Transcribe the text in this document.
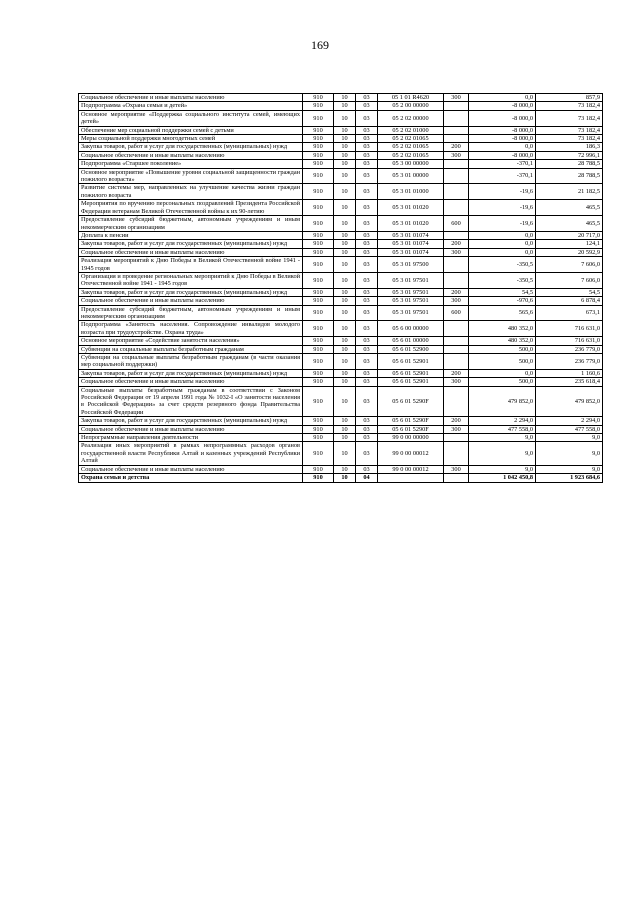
169
Социальное обеспечение и иные выплаты населению	910	10	03	05 1 01 R4620	300	0,0	857,9
Подпрограмма «Охрана семьи и детей»	910	10	03	05 2 00 00000		-8 000,0	73 182,4
Основное мероприятие «Поддержка социального института семей, имеющих детей»	910	10	03	05 2 02 00000		-8 000,0	73 182,4
Обеспечение мер социальной поддержки семей с детьми	910	10	03	05 2 02 01000		-8 000,0	73 182,4
Меры социальной поддержки многодетных семей	910	10	03	05 2 02 01065		-8 000,0	73 182,4
Закупка товаров, работ и услуг для государственных (муниципальных) нужд	910	10	03	05 2 02 01065	200	0,0	186,3
Социальное обеспечение и иные выплаты населению	910	10	03	05 2 02 01065	300	-8 000,0	72 996,1
Подпрограмма «Старшее поколение»	910	10	03	05 3 00 00000		-370,1	28 788,5
Основное мероприятие «Повышение уровня социальной защищенности граждан пожилого возраста»	910	10	03	05 3 01 00000		-370,1	28 788,5
Развитие системы мер, направленных на улучшение качества жизни граждан пожилого возраста	910	10	03	05 3 01 01000		-19,6	21 182,5
Мероприятия по вручению персональных поздравлений Президента Российской Федерации ветеранам Великой Отечественной войны к их 90-летию	910	10	03	05 3 01 01020		-19,6	465,5
Предоставление субсидий бюджетным, автономным учреждениям и иным некоммерческим организациям	910	10	03	05 3 01 01020	600	-19,6	465,5
Доплата к пенсии	910	10	03	05 3 01 01074		0,0	20 717,0
Закупка товаров, работ и услуг для государственных (муниципальных) нужд	910	10	03	05 3 01 01074	200	0,0	124,1
Социальное обеспечение и иные выплаты населению	910	10	03	05 3 01 01074	300	0,0	20 592,9
Реализация мероприятий к Дню Победы в Великой Отечественной войне 1941 - 1945 годов	910	10	03	05 3 01 97500		-350,5	7 606,0
Организация и проведение региональных мероприятий к Дню Победы в Великой Отечественной войне 1941 - 1945 годов	910	10	03	05 3 01 97501		-350,5	7 606,0
Закупка товаров, работ и услуг для государственных (муниципальных) нужд	910	10	03	05 3 01 97501	200	54,5	54,5
Социальное обеспечение и иные выплаты населению	910	10	03	05 3 01 97501	300	-970,6	6 878,4
Предоставление субсидий бюджетным, автономным учреждениям и иным некоммерческим организациям	910	10	03	05 3 01 97501	600	565,6	673,1
Подпрограмма «Занятость населения. Сопровождение инвалидов молодого возраста при трудоустройстве. Охрана труда»	910	10	03	05 6 00 00000		480 352,0	716 631,0
Основное мероприятие «Содействие занятости населения»	910	10	03	05 6 01 00000		480 352,0	716 631,0
Субвенции на социальные выплаты безработным гражданам	910	10	03	05 6 01 52900		500,0	236 779,0
Субвенции на социальные выплаты безработным гражданам (в части оказания мер социальной поддержки)	910	10	03	05 6 01 52901		500,0	236 779,0
Закупка товаров, работ и услуг для государственных (муниципальных) нужд	910	10	03	05 6 01 52901	200	0,0	1 160,6
Социальное обеспечение и иные выплаты населению	910	10	03	05 6 01 52901	300	500,0	235 618,4
Социальные выплаты безработным гражданам в соответствии с Законом Российской Федерации от 19 апреля 1991 года № 1032-I «О занятости населения в Российской Федерации» за счет средств резервного фонда Правительства Российской Федерации	910	10	03	05 6 01 5290F		479 852,0	479 852,0
Закупка товаров, работ и услуг для государственных (муниципальных) нужд	910	10	03	05 6 01 5290F	200	2 294,0	2 294,0
Социальное обеспечение и иные выплаты населению	910	10	03	05 6 01 5290F	300	477 558,0	477 558,0
Непрограммные направления деятельности	910	10	03	99 0 00 00000		9,0	9,0
Реализация иных мероприятий в рамках непрограммных расходов органов государственной власти Республики Алтай и казенных учреждений Республики Алтай	910	10	03	99 0 00 00012		9,0	9,0
Социальное обеспечение и иные выплаты населению	910	10	03	99 0 00 00012	300	9,0	9,0
Охрана семьи и детства	910	10	04			1 042 450,8	1 923 684,6
